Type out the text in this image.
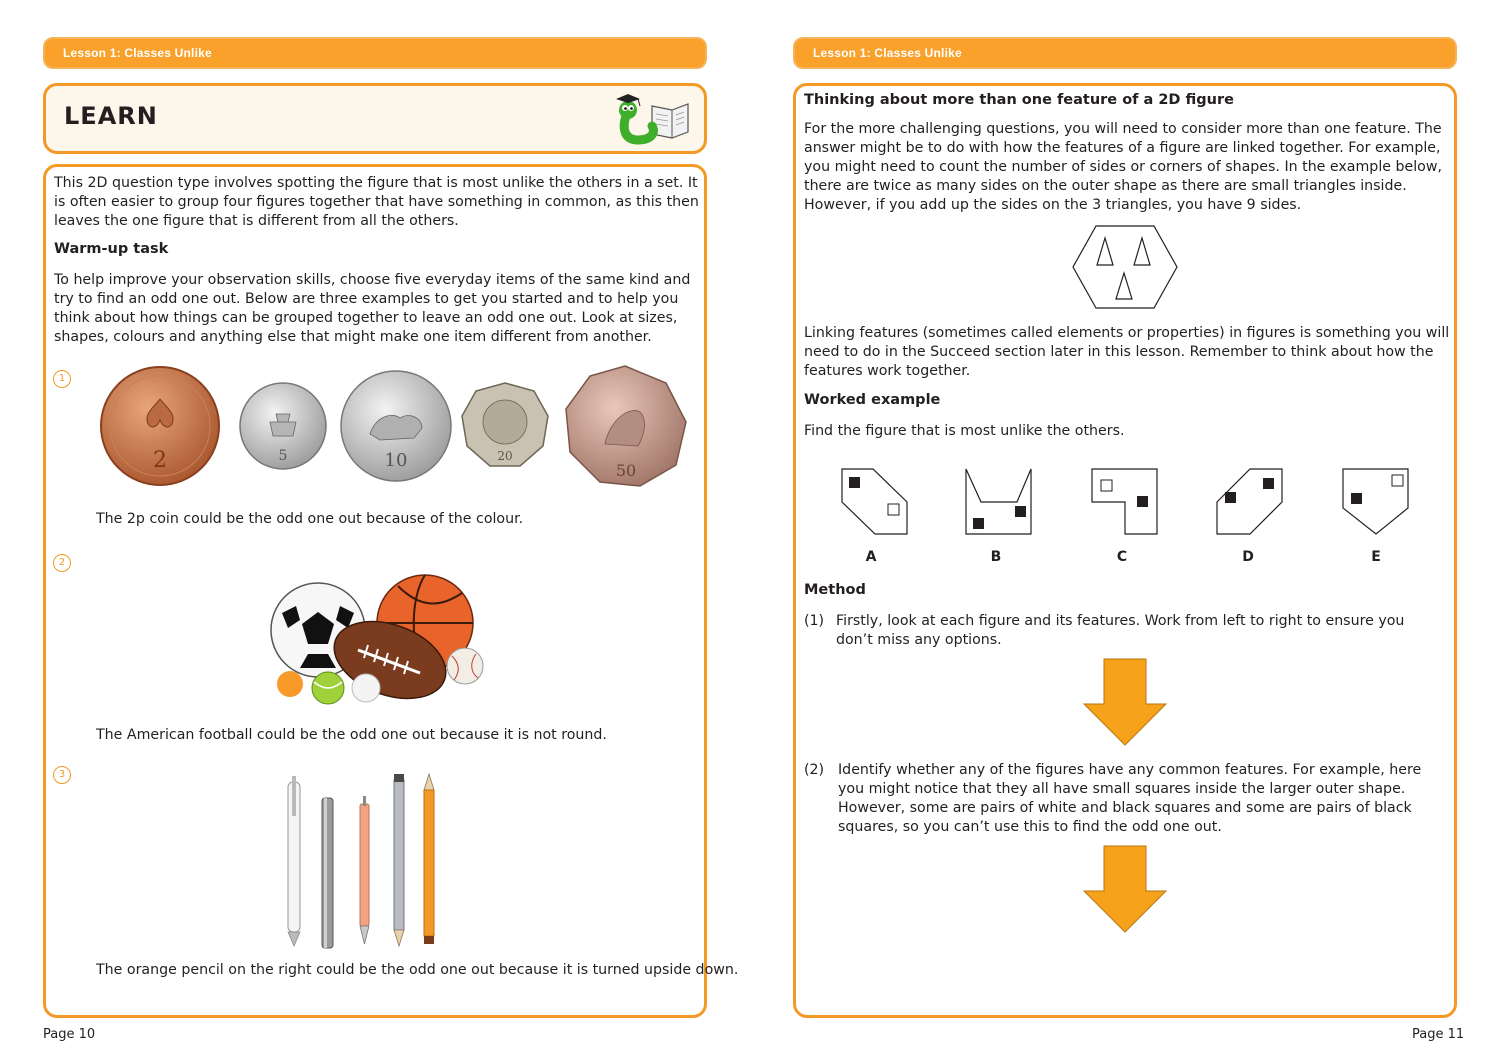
Lesson 1: Classes Unlike
LEARN
This 2D question type involves spotting the figure that is most unlike the others in a set. It is often easier to group four figures together that have something in common, as this then leaves the one figure that is different from all the others.
Warm-up task
To help improve your observation skills, choose five everyday items of the same kind and try to find an odd one out. Below are three examples to get you started and to help you think about how things can be grouped together to leave an odd one out. Look at sizes, shapes, colours and anything else that might make one item different from another.
1
2	5	10	20
50
The 2p coin could be the odd one out because of the colour.
2
The American football could be the odd one out because it is not round.
3
The orange pencil on the right could be the odd one out because it is turned upside down.
Page 10
Lesson 1: Classes Unlike
Thinking about more than one feature of a 2D figure
For the more challenging questions, you will need to consider more than one feature. The answer might be to do with how the features of a figure are linked together. For example, you might need to count the number of sides or corners of shapes. In the example below, there are twice as many sides on the outer shape as there are small triangles inside. However, if you add up the sides on the 3 triangles, you have 9 sides.
Linking features (sometimes called elements or properties) in figures is something you will need to do in the Succeed section later in this lesson. Remember to think about how the features work together.
Worked example
Find the figure that is most unlike the others.
A	B	C	D	E
Method
(1) Firstly, look at each figure and its features. Work from left to right to ensure you don’t miss any options.
(2) Identify whether any of the figures have any common features. For example, here you might notice that they all have small squares inside the larger outer shape. However, some are pairs of white and black squares and some are pairs of black squares, so you can’t use this to find the odd one out.
Page 11
